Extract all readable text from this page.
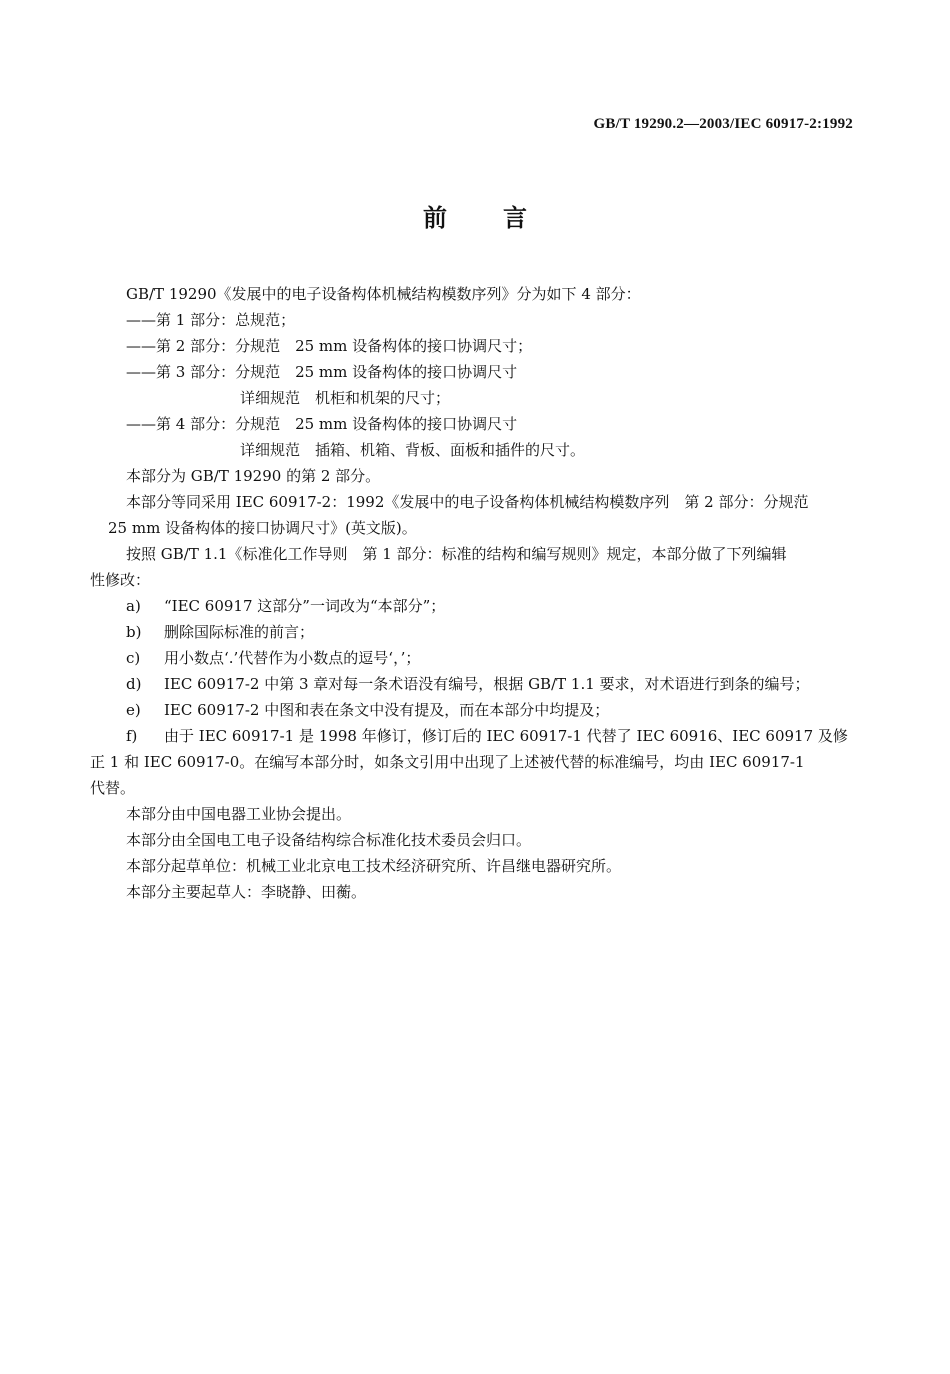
GB/T 19290.2—2003/IEC 60917-2:1992
前言
GB/T 19290《发展中的电子设备构体机械结构模数序列》分为如下 4 部分：
——第 1 部分：总规范；
——第 2 部分：分规范　25 mm 设备构体的接口协调尺寸；
——第 3 部分：分规范　25 mm 设备构体的接口协调尺寸
详细规范　机柜和机架的尺寸；
——第 4 部分：分规范　25 mm 设备构体的接口协调尺寸
详细规范　插箱、机箱、背板、面板和插件的尺寸。
本部分为 GB/T 19290 的第 2 部分。
本部分等同采用 IEC 60917-2：1992《发展中的电子设备构体机械结构模数序列　第 2 部分：分规范
25 mm 设备构体的接口协调尺寸》(英文版)。
按照 GB/T 1.1《标准化工作导则　第 1 部分：标准的结构和编写规则》规定，本部分做了下列编辑
性修改：
a) “IEC 60917 这部分”一词改为“本部分”；
b) 删除国际标准的前言；
c) 用小数点‘.’代替作为小数点的逗号‘，’；
d) IEC 60917-2 中第 3 章对每一条术语没有编号，根据 GB/T 1.1 要求，对术语进行到条的编号；
e) IEC 60917-2 中图和表在条文中没有提及，而在本部分中均提及；
f) 由于 IEC 60917-1 是 1998 年修订，修订后的 IEC 60917-1 代替了 IEC 60916、IEC 60917 及修
正 1 和 IEC 60917-0。在编写本部分时，如条文引用中出现了上述被代替的标准编号，均由 IEC 60917-1
代替。
本部分由中国电器工业协会提出。
本部分由全国电工电子设备结构综合标准化技术委员会归口。
本部分起草单位：机械工业北京电工技术经济研究所、许昌继电器研究所。
本部分主要起草人：李晓静、田蘅。
